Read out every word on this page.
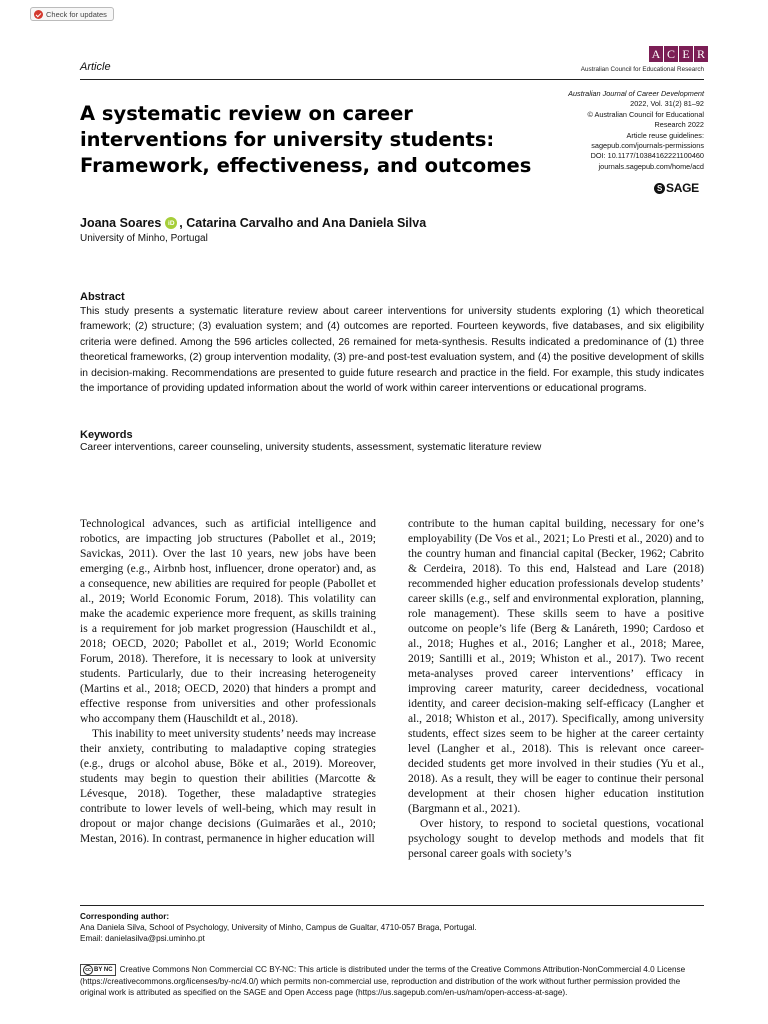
Check for updates
Article
A C E R
Australian Council for Educational Research
A systematic review on career interventions for university students: Framework, effectiveness, and outcomes
Australian Journal of Career Development
2022, Vol. 31(2) 81–92
© Australian Council for Educational
Research 2022
Article reuse guidelines:
sagepub.com/journals-permissions
DOI: 10.1177/10384162221100460
journals.sagepub.com/home/acd
S SAGE
Joana Soares	iD , Catarina Carvalho and Ana Daniela Silva
University of Minho, Portugal
Abstract

This study presents a systematic literature review about career interventions for university students exploring (1) which theoretical framework; (2) structure; (3) evaluation system; and (4) outcomes are reported. Fourteen keywords, five databases, and six eligibility criteria were defined. Among the 596 articles collected, 26 remained for meta-synthesis. Results indicated a predominance of (1) three theoretical frameworks, (2) group intervention modality, (3) pre-and post-test evaluation system, and (4) the positive development of skills in decision-making. Recommendations are presented to guide future research and practice in the field. For example, this study indicates the importance of providing updated information about the world of work within career interventions or educational programs.

Keywords
Career interventions, career counseling, university students, assessment, systematic literature review

Technological advances, such as artificial intelligence and robotics, are impacting job structures (Pabollet et al., 2019; Savickas, 2011). Over the last 10 years, new jobs have been emerging (e.g., Airbnb host, influencer, drone operator) and, as a consequence, new abilities are required for people (Pabollet et al., 2019; World Economic Forum, 2018). This volatility can make the academic experience more frequent, as skills training is a requirement for job market progression (Hauschildt et al., 2018; OECD, 2020; Pabollet et al., 2019; World Economic Forum, 2018). Therefore, it is necessary to look at university students. Particularly, due to their increasing heterogeneity (Martins et al., 2018; OECD, 2020) that hinders a prompt and effective response from universities and other professionals who accompany them (Hauschildt et al., 2018).

This inability to meet university students’ needs may increase their anxiety, contributing to maladaptive coping strategies (e.g., drugs or alcohol abuse, Böke et al., 2019). Moreover, students may begin to question their abilities (Marcotte & Lévesque, 2018). Together, these maladaptive strategies contribute to lower levels of well-being, which may result in dropout or major change decisions (Guimarães et al., 2010; Mestan, 2016). In contrast, permanence in higher education will

contribute to the human capital building, necessary for one’s employability (De Vos et al., 2021; Lo Presti et al., 2020) and to the country human and financial capital (Becker, 1962; Cabrito & Cerdeira, 2018). To this end, Halstead and Lare (2018) recommended higher education professionals develop students’ career skills (e.g., self and environmental exploration, planning, role management). These skills seem to have a positive outcome on people’s life (Berg & Lanáreth, 1990; Cardoso et al., 2018; Hughes et al., 2016; Langher et al., 2018; Maree, 2019; Santilli et al., 2019; Whiston et al., 2017). Two recent meta-analyses proved career interventions’ efficacy in improving career maturity, career decidedness, vocational identity, and career decision-making self-efficacy (Langher et al., 2018; Whiston et al., 2017). Specifically, among university students, effect sizes seem to be higher at the career certainty level (Langher et al., 2018). This is relevant once career-decided students get more involved in their studies (Yu et al., 2018). As a result, they will be eager to continue their personal development at their chosen higher education institution (Bargmann et al., 2021).

Over history, to respond to societal questions, vocational psychology sought to develop methods and models that fit personal career goals with society’s

Corresponding author:
Ana Daniela Silva, School of Psychology, University of Minho, Campus de Gualtar, 4710-057 Braga, Portugal.
Email: danielasilva@psi.uminho.pt
cc BY NC Creative Commons Non Commercial CC BY-NC: This article is distributed under the terms of the Creative Commons Attribution-NonCommercial 4.0 License (https://creativecommons.org/licenses/by-nc/4.0/) which permits non-commercial use, reproduction and distribution of the work without further permission provided the original work is attributed as specified on the SAGE and Open Access page (https://us.sagepub.com/en-us/nam/open-access-at-sage).
